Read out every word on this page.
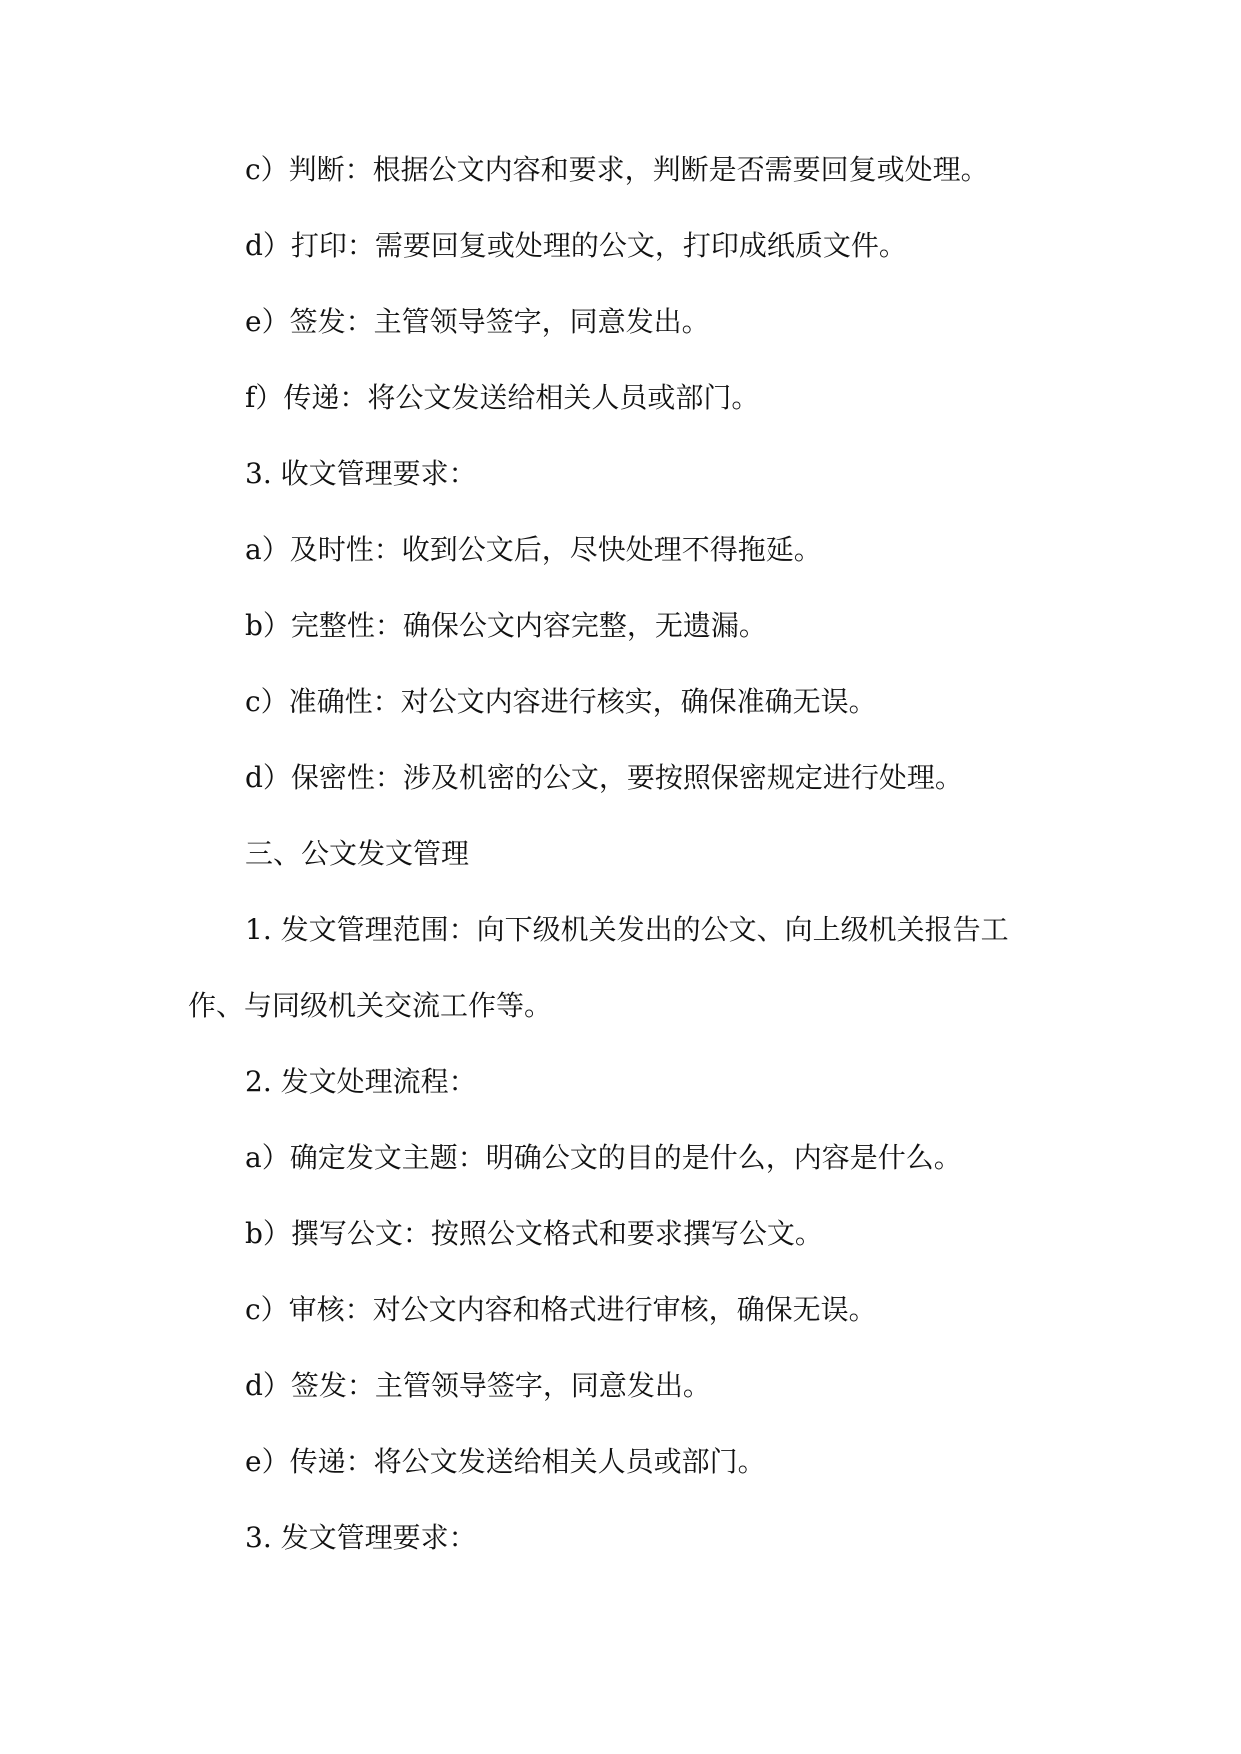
c）判断：根据公文内容和要求，判断是否需要回复或处理。
d）打印：需要回复或处理的公文，打印成纸质文件。
e）签发：主管领导签字，同意发出。
f）传递：将公文发送给相关人员或部门。
3. 收文管理要求：
a）及时性：收到公文后，尽快处理不得拖延。
b）完整性：确保公文内容完整，无遗漏。
c）准确性：对公文内容进行核实，确保准确无误。
d）保密性：涉及机密的公文，要按照保密规定进行处理。
三、公文发文管理
1. 发文管理范围：向下级机关发出的公文、向上级机关报告工
作、与同级机关交流工作等。
2. 发文处理流程：
a）确定发文主题：明确公文的目的是什么，内容是什么。
b）撰写公文：按照公文格式和要求撰写公文。
c）审核：对公文内容和格式进行审核，确保无误。
d）签发：主管领导签字，同意发出。
e）传递：将公文发送给相关人员或部门。
3. 发文管理要求：
